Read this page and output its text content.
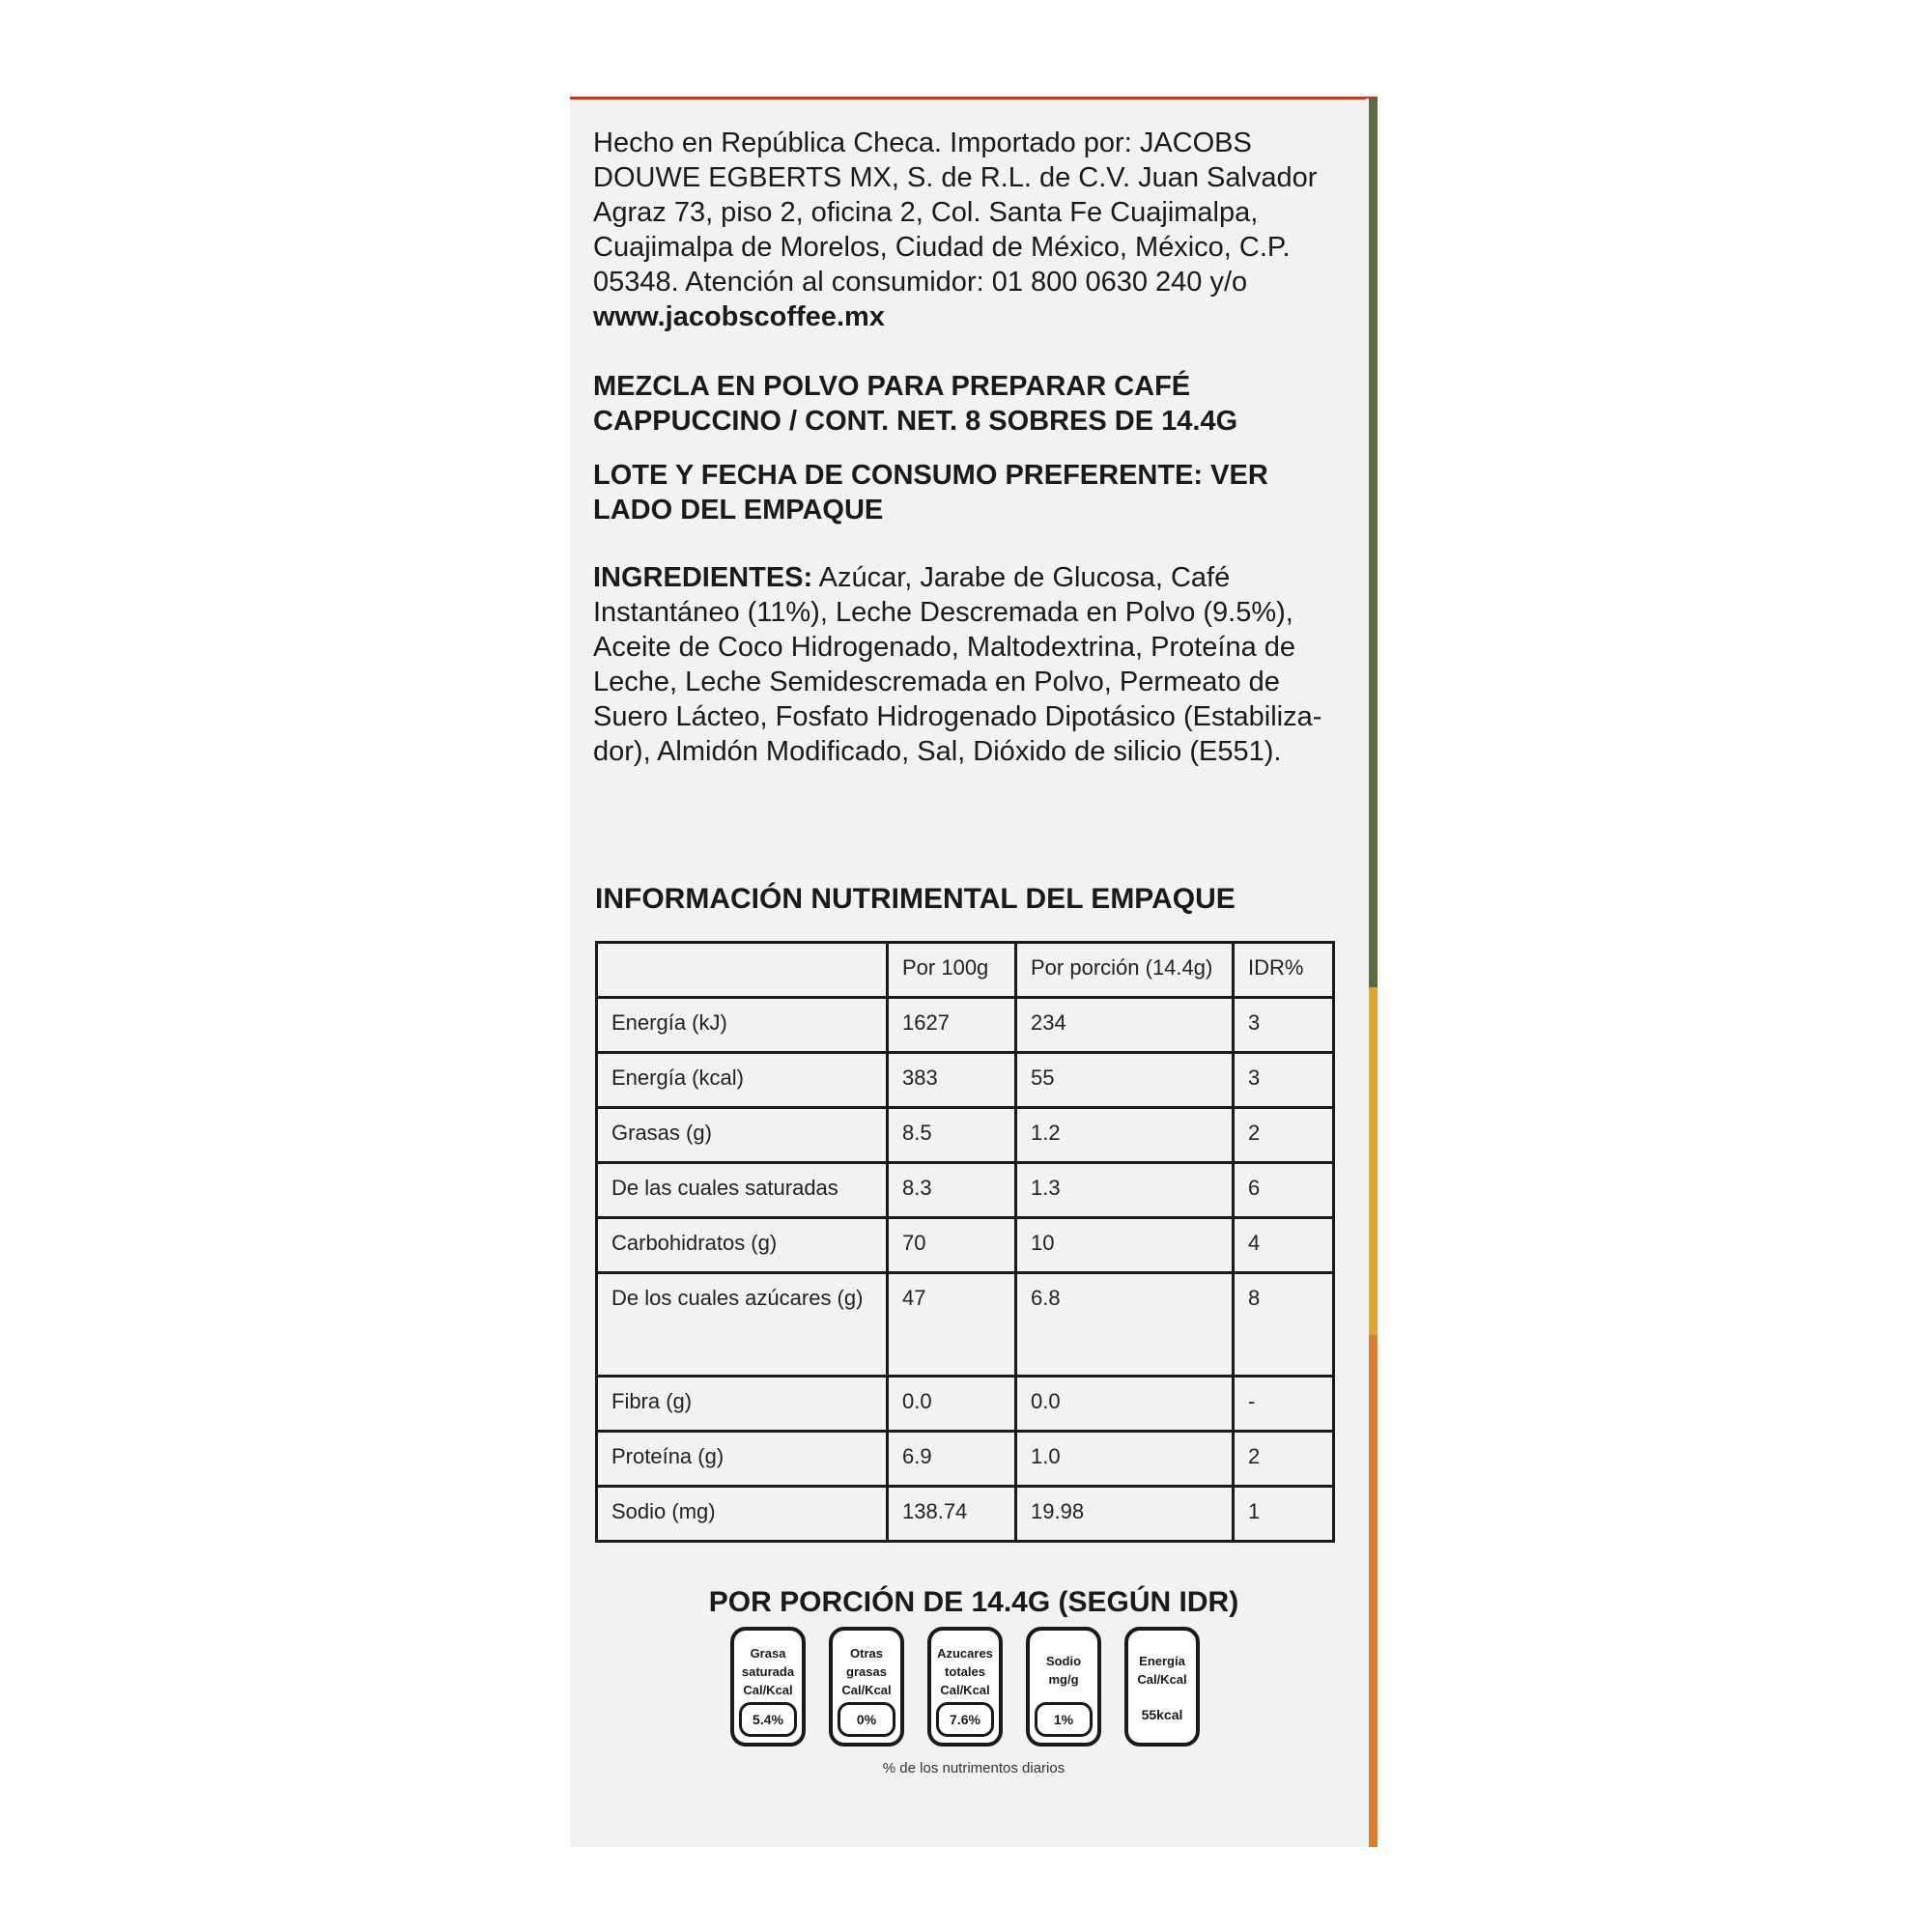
Hecho en República Checa. Importado por: JACOBS
DOUWE EGBERTS MX, S. de R.L. de C.V. Juan Salvador
Agraz 73, piso 2, oficina 2, Col. Santa Fe Cuajimalpa,
Cuajimalpa de Morelos, Ciudad de México, México, C.P.
05348. Atención al consumidor: 01 800 0630 240 y/o
www.jacobscoffee.mx
MEZCLA EN POLVO PARA PREPARAR CAFÉ
CAPPUCCINO / CONT. NET. 8 SOBRES DE 14.4G
LOTE Y FECHA DE CONSUMO PREFERENTE: VER
LADO DEL EMPAQUE
INGREDIENTES: Azúcar, Jarabe de Glucosa, Café
Instantáneo (11%), Leche Descremada en Polvo (9.5%),
Aceite de Coco Hidrogenado, Maltodextrina, Proteína de
Leche, Leche Semidescremada en Polvo, Permeato de
Suero Lácteo, Fosfato Hidrogenado Dipotásico (Estabiliza-
dor), Almidón Modificado, Sal, Dióxido de silicio (E551).
INFORMACIÓN NUTRIMENTAL DEL EMPAQUE
	Por 100g	Por porción (14.4g)	IDR%
Energía (kJ)	1627	234	3
Energía (kcal)	383	55	3
Grasas (g)	8.5	1.2	2
De las cuales saturadas	8.3	1.3	6
Carbohidratos (g)	70	10	4
De los cuales azúcares (g)	47	6.8	8
Fibra (g)	0.0	0.0	-
Proteína (g)	6.9	1.0	2
Sodio (mg)	138.74	19.98	1
POR PORCIÓN DE 14.4G (SEGÚN IDR)
Grasa
saturada
Cal/Kcal
5.4%
Otras
grasas
Cal/Kcal
0%
Azucares
totales
Cal/Kcal
7.6%
Sodio
mg/g
1%
Energía
Cal/Kcal
55kcal
% de los nutrimentos diarios
